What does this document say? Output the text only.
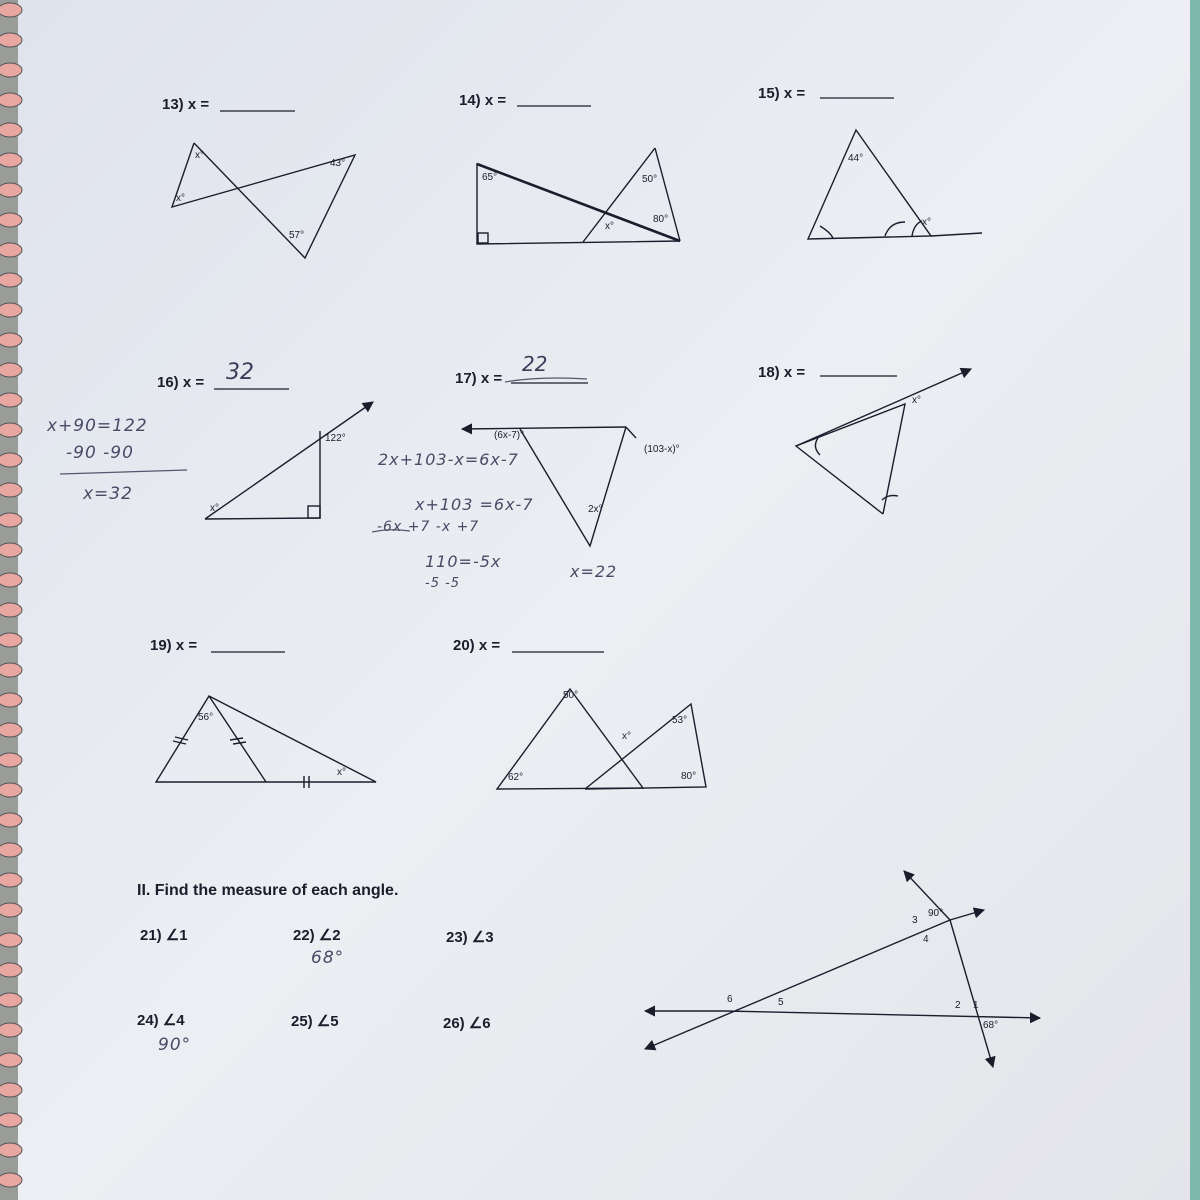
13) x =	14) x =	15) x =
16) x = 32	17) x =
22	18) x =
19) x =	20) x =
x°
x°
43°
57°
65°	50°
x°
80°
44°
x°
122°
x°
(6x-7)°
(103-x)°
2x°
x°
56°
x°
50°
x°
53°
62°	80°
3
90°
4
6	5	2 1
68°
x+90=122
-90 -90
x=32
2x+103-x=6x-7
x+103 =6x-7
-6x +7 -x +7
110=-5x
-5 -5
x=22
II. Find the measure of each angle.
21) ∠1	22) ∠2
68°
23) ∠3
24) ∠4
90°
25) ∠5	26) ∠6
